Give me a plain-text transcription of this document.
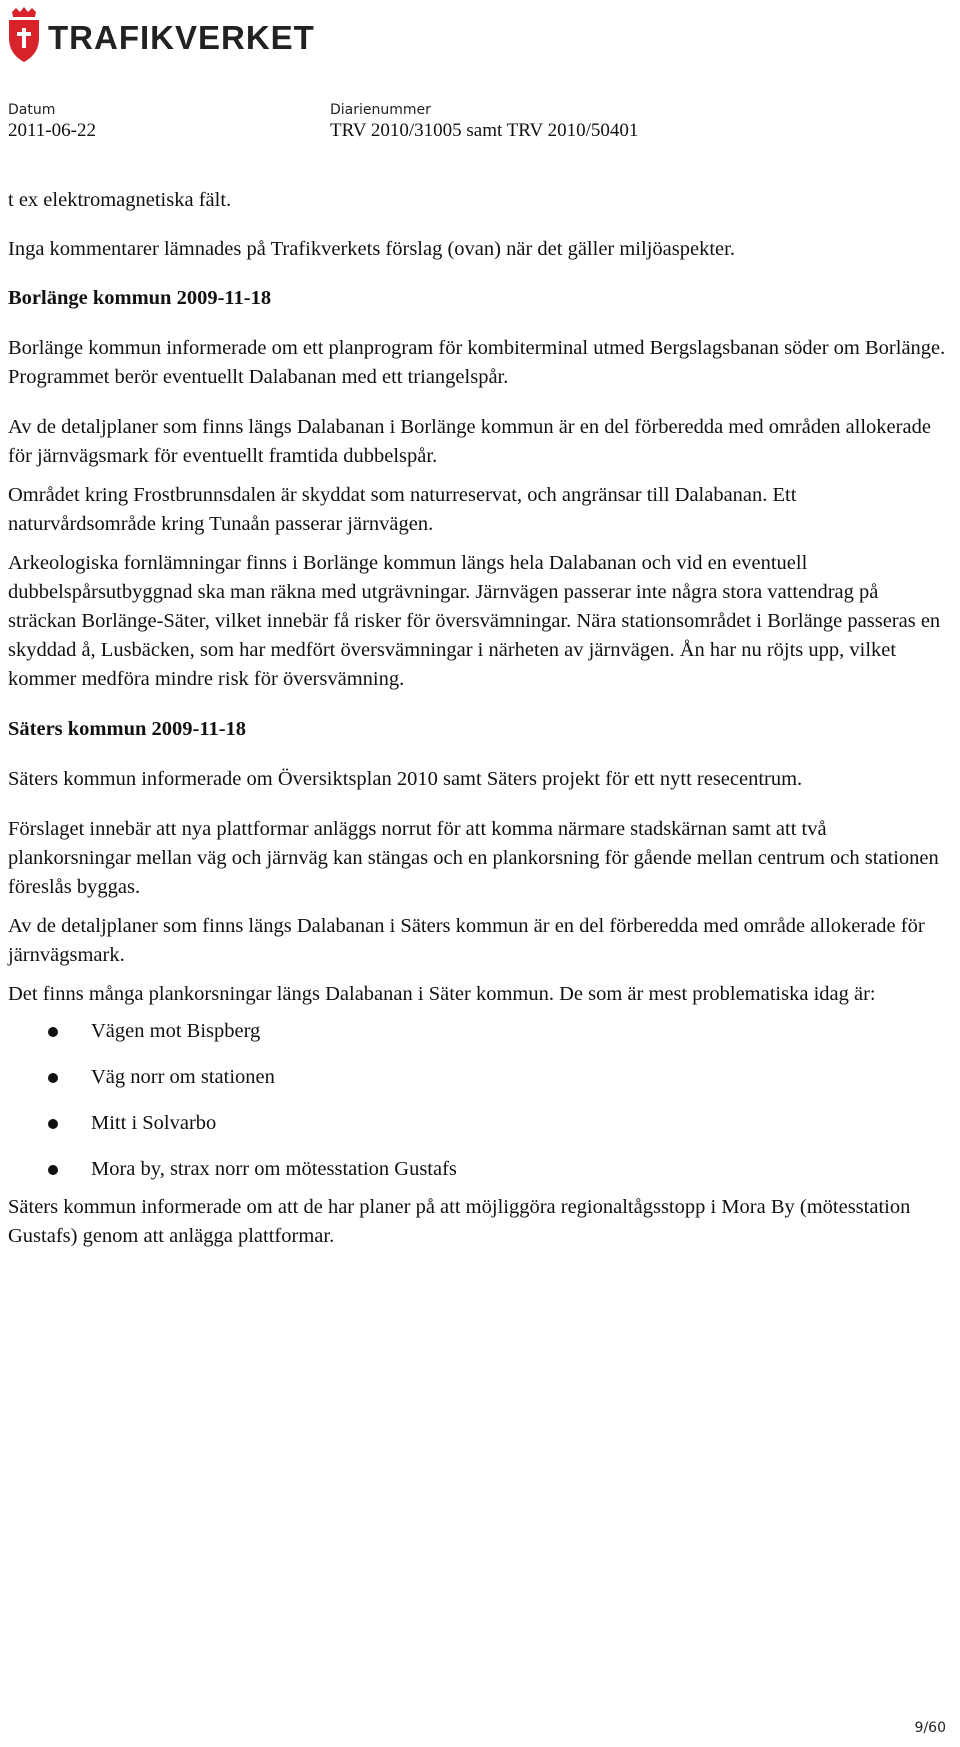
TRAFIKVERKET
Datum
2011-06-22
Diarienummer
TRV 2010/31005 samt TRV 2010/50401

t ex elektromagnetiska fält.

Inga kommentarer lämnades på Trafikverkets förslag (ovan) när det gäller miljöaspekter.

Borlänge kommun 2009-11-18

Borlänge kommun informerade om ett planprogram för kombiterminal utmed Bergslagsbanan söder om Borlänge. Programmet berör eventuellt Dalabanan med ett triangelspår.

Av de detaljplaner som finns längs Dalabanan i Borlänge kommun är en del förberedda med områden allokerade för järnvägsmark för eventuellt framtida dubbelspår.

Området kring Frostbrunnsdalen är skyddat som naturreservat, och angränsar till Dalabanan. Ett naturvårdsområde kring Tunaån passerar järnvägen.

Arkeologiska fornlämningar finns i Borlänge kommun längs hela Dalabanan och vid en eventuell dubbelspårsutbyggnad ska man räkna med utgrävningar. Järnvägen passerar inte några stora vattendrag på sträckan Borlänge-Säter, vilket innebär få risker för översvämningar. Nära stationsområdet i Borlänge passeras en skyddad å, Lusbäcken, som har medfört översvämningar i närheten av järnvägen. Ån har nu röjts upp, vilket kommer medföra mindre risk för översvämning.

Säters kommun 2009-11-18

Säters kommun informerade om Översiktsplan 2010 samt Säters projekt för ett nytt resecentrum.

Förslaget innebär att nya plattformar anläggs norrut för att komma närmare stadskärnan samt att två plankorsningar mellan väg och järnväg kan stängas och en plankorsning för gående mellan centrum och stationen föreslås byggas.

Av de detaljplaner som finns längs Dalabanan i Säters kommun är en del förberedda med område allokerade för järnvägsmark.

Det finns många plankorsningar längs Dalabanan i Säter kommun. De som är mest problematiska idag är:

Vägen mot Bispberg
Väg norr om stationen
Mitt i Solvarbo
Mora by, strax norr om mötesstation Gustafs

Säters kommun informerade om att de har planer på att möjliggöra regionaltågsstopp i Mora By (mötesstation Gustafs) genom att anlägga plattformar.

9/60
